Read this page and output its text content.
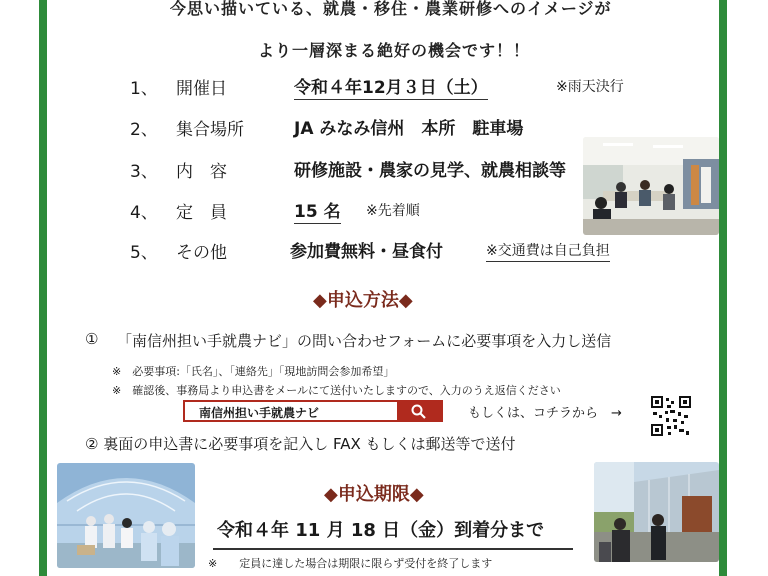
今思い描いている、就農・移住・農業研修へのイメージが
より一層深まる絶好の機会です！！
1、 開催日	令和４年12月３日（土）	※雨天決行
2、 集合場所	JA みなみ信州　本所　駐車場
3、 内　容	研修施設・農家の見学、就農相談等
4、 定　員	15 名 ※先着順
5、 その他	参加費無料・昼食付	※交通費は自己負担
◆申込方法◆
① 「南信州担い手就農ナビ」の問い合わせフォームに必要事項を入力し送信
※　必要事項:「氏名」、「連絡先」「現地訪問会参加希望」
※　確認後、事務局より申込書をメールにて送付いたしますので、入力のうえ返信ください
南信州担い手就農ナビ	もしくは、コチラから　→
② 裏面の申込書に必要事項を記入し FAX もしくは郵送等で送付
◆申込期限◆
令和４年 11 月 18 日（金）到着分まで
※　　定員に達した場合は期限に限らず受付を終了します
